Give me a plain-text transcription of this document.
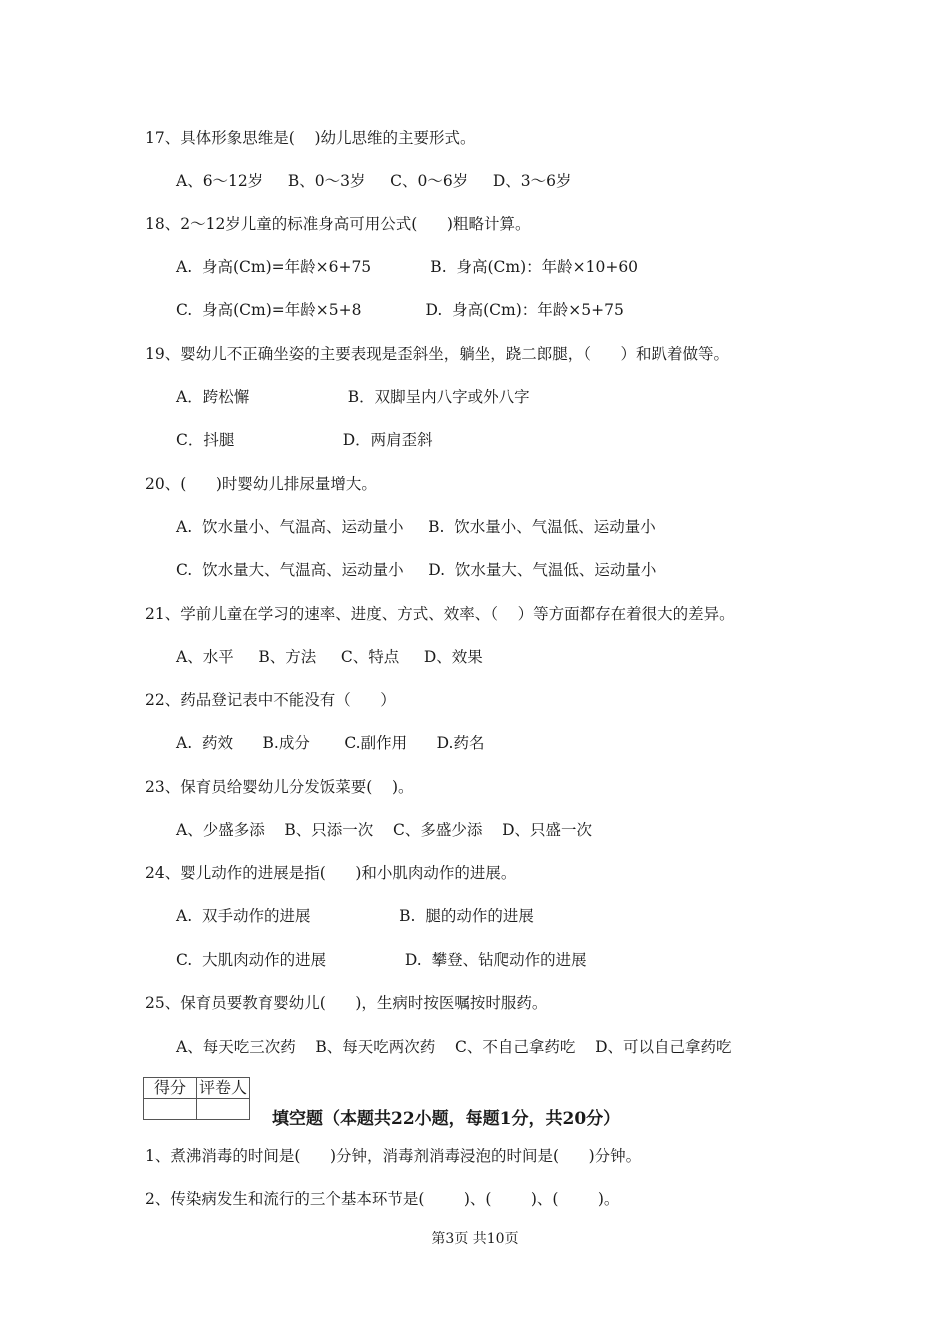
17、具体形象思维是(    )幼儿思维的主要形式。
A、6～12岁     B、0～3岁     C、0～6岁     D、3～6岁
18、2～12岁儿童的标准身高可用公式(      )粗略计算。
A.  身高(Cm)=年龄×6+75            B.  身高(Cm)：年龄×10+60
C.  身高(Cm)=年龄×5+8             D.  身高(Cm)：年龄×5+75
19、婴幼儿不正确坐姿的主要表现是歪斜坐，躺坐，跷二郎腿，（      ）和趴着做等。
A．跨松懈                    B．双脚呈内八字或外八字
C．抖腿                      D．两肩歪斜
20、(      )时婴幼儿排尿量增大。
A.  饮水量小、气温高、运动量小     B.  饮水量小、气温低、运动量小
C.  饮水量大、气温高、运动量小     D.  饮水量大、气温低、运动量小
21、学前儿童在学习的速率、进度、方式、效率、（    ）等方面都存在着很大的差异。
A、水平     B、方法     C、特点     D、效果
22、药品登记表中不能没有（      ）
A.  药效      B.成分       C.副作用      D.药名
23、保育员给婴幼儿分发饭菜要(    )。
A、少盛多添    B、只添一次    C、多盛少添    D、只盛一次
24、婴儿动作的进展是指(      )和小肌肉动作的进展。
A.  双手动作的进展                  B.  腿的动作的进展
C.  大肌肉动作的进展                D.  攀登、钻爬动作的进展
25、保育员要教育婴幼儿(      )，生病时按医嘱按时服药。
A、每天吃三次药    B、每天吃两次药    C、不自己拿药吃    D、可以自己拿药吃
得分	评卷人

填空题（本题共22小题，每题1分，共20分）
1、煮沸消毒的时间是(      )分钟，消毒剂消毒浸泡的时间是(      )分钟。
2、传染病发生和流行的三个基本环节是(        )、(        )、(        )。
第3页 共10页
